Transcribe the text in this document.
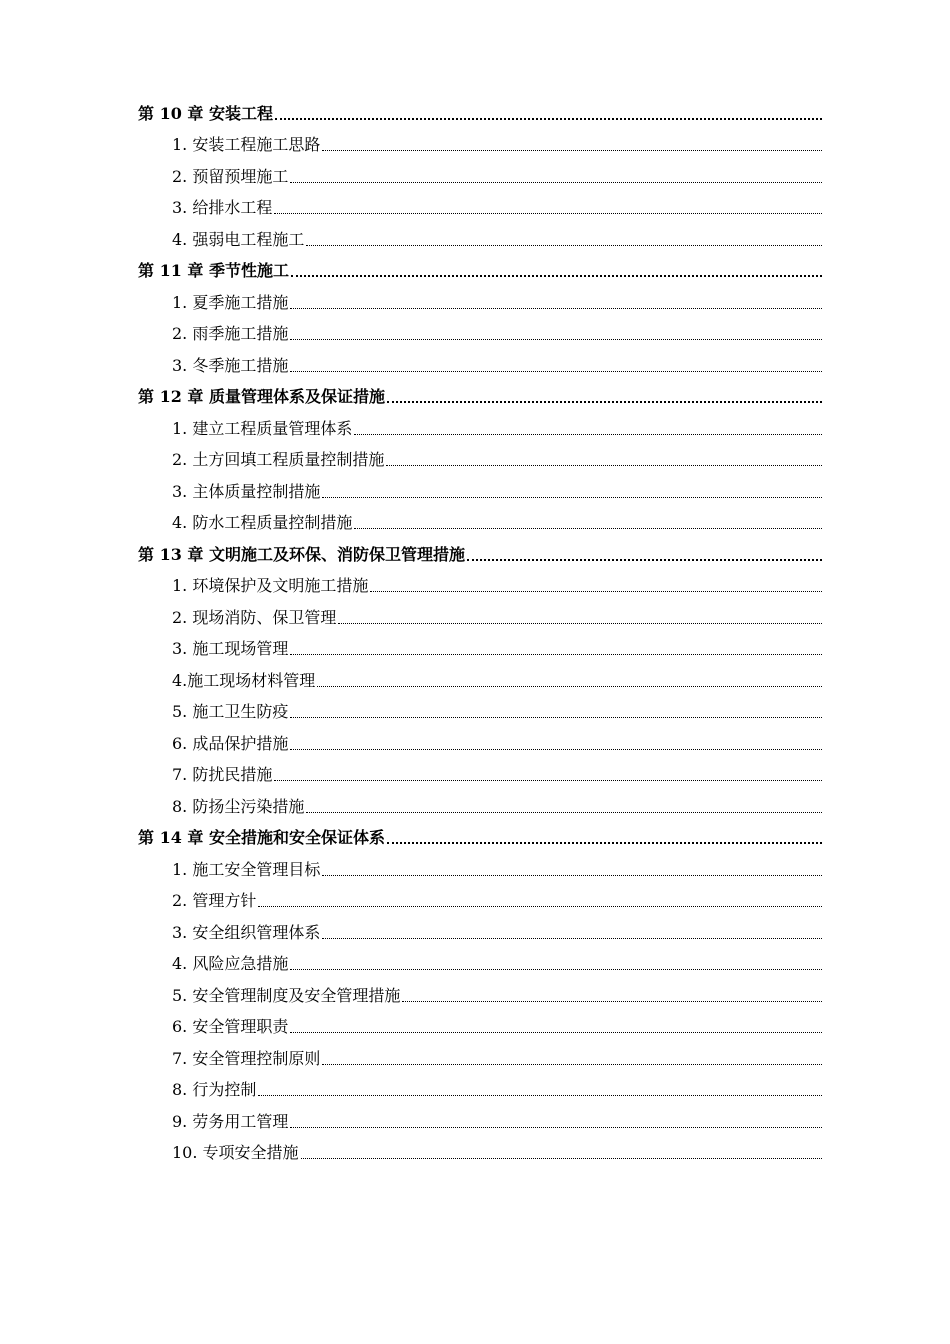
第 10 章 安装工程
1. 安装工程施工思路
2. 预留预埋施工
3. 给排水工程
4. 强弱电工程施工
第 11 章 季节性施工
1. 夏季施工措施
2. 雨季施工措施
3. 冬季施工措施
第 12 章 质量管理体系及保证措施
1. 建立工程质量管理体系
2. 土方回填工程质量控制措施
3. 主体质量控制措施
4. 防水工程质量控制措施
第 13 章 文明施工及环保、消防保卫管理措施
1. 环境保护及文明施工措施
2. 现场消防、保卫管理
3. 施工现场管理
4.施工现场材料管理
5. 施工卫生防疫
6. 成品保护措施
7. 防扰民措施
8. 防扬尘污染措施
第 14 章 安全措施和安全保证体系
1. 施工安全管理目标
2. 管理方针
3. 安全组织管理体系
4. 风险应急措施
5. 安全管理制度及安全管理措施
6. 安全管理职责
7. 安全管理控制原则
8. 行为控制
9. 劳务用工管理
10. 专项安全措施
